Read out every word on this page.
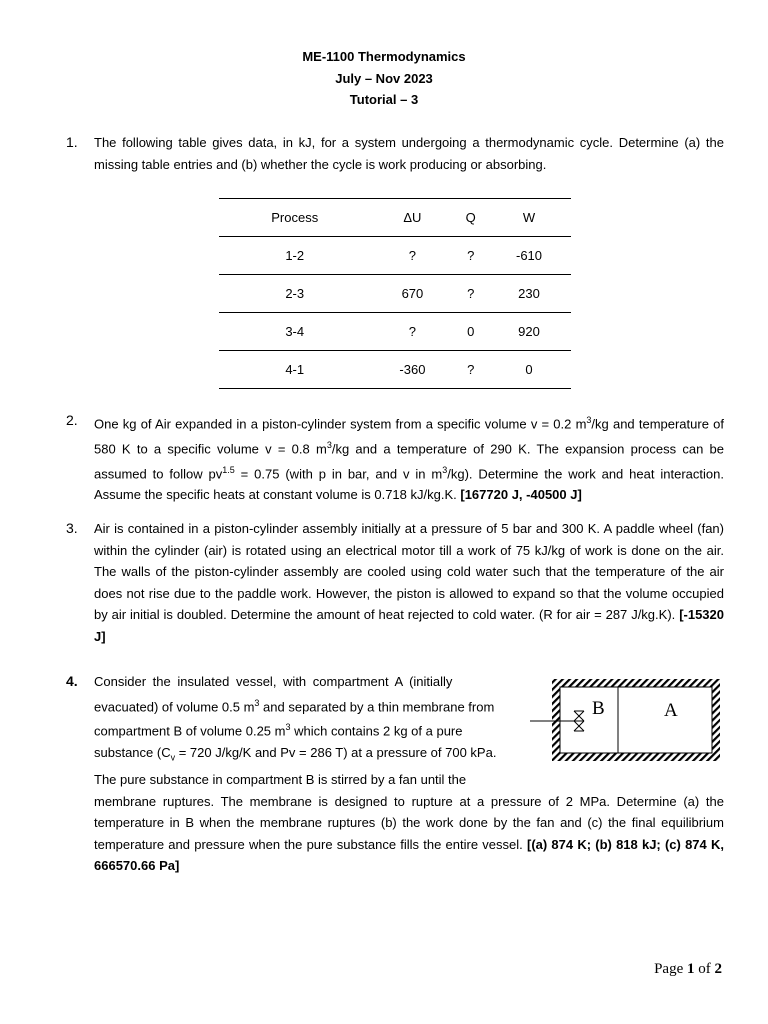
ME-1100 Thermodynamics
July – Nov 2023
Tutorial – 3
1. The following table gives data, in kJ, for a system undergoing a thermodynamic cycle. Determine (a) the missing table entries and (b) whether the cycle is work producing or absorbing.
Process	ΔU	Q	W
1-2	?	?	-610
2-3	670	?	230
3-4	?	0	920
4-1	-360	?	0
2. One kg of Air expanded in a piston-cylinder system from a specific volume v = 0.2 $m^3/kg$ and temperature of 580 K to a specific volume v = 0.8 $m^3/kg$ and a temperature of 290 K. The expansion process can be assumed to follow $pv^{1.5} = 0.75$ (with p in bar, and v in $m^3/kg$). Determine the work and heat interaction. Assume the specific heats at constant volume is 0.718 kJ/kg.K. [167720 J, -40500 J]
3. Air is contained in a piston-cylinder assembly initially at a pressure of 5 bar and 300 K. A paddle wheel (fan) within the cylinder (air) is rotated using an electrical motor till a work of 75 kJ/kg of work is done on the air. The walls of the piston-cylinder assembly are cooled using cold water such that the temperature of the air does not rise due to the paddle work. However, the piston is allowed to expand so that the volume occupied by air initial is doubled. Determine the amount of heat rejected to cold water. (R for air = 287 J/kg.K). [-15320 J]
4. Consider the insulated vessel, with compartment A (initially
evacuated) of volume 0.5 $m^3$ and separated by a thin membrane from
compartment B of volume 0.25 $m^3$ which contains 2 kg of a pure
substance ($C_v = 720$ J/kg/K and Pv = 286 T) at a pressure of 700 kPa.
The pure substance in compartment B is stirred by a fan until the
membrane ruptures. The membrane is designed to rupture at a pressure of 2 MPa. Determine (a) the temperature in B when the membrane ruptures (b) the work done by the fan and (c) the final equilibrium temperature and pressure when the pure substance fills the entire vessel. [(a) 874 K; (b) 818 kJ; (c) 874 K, 666570.66 Pa]
B	A
Page 1 of 2
